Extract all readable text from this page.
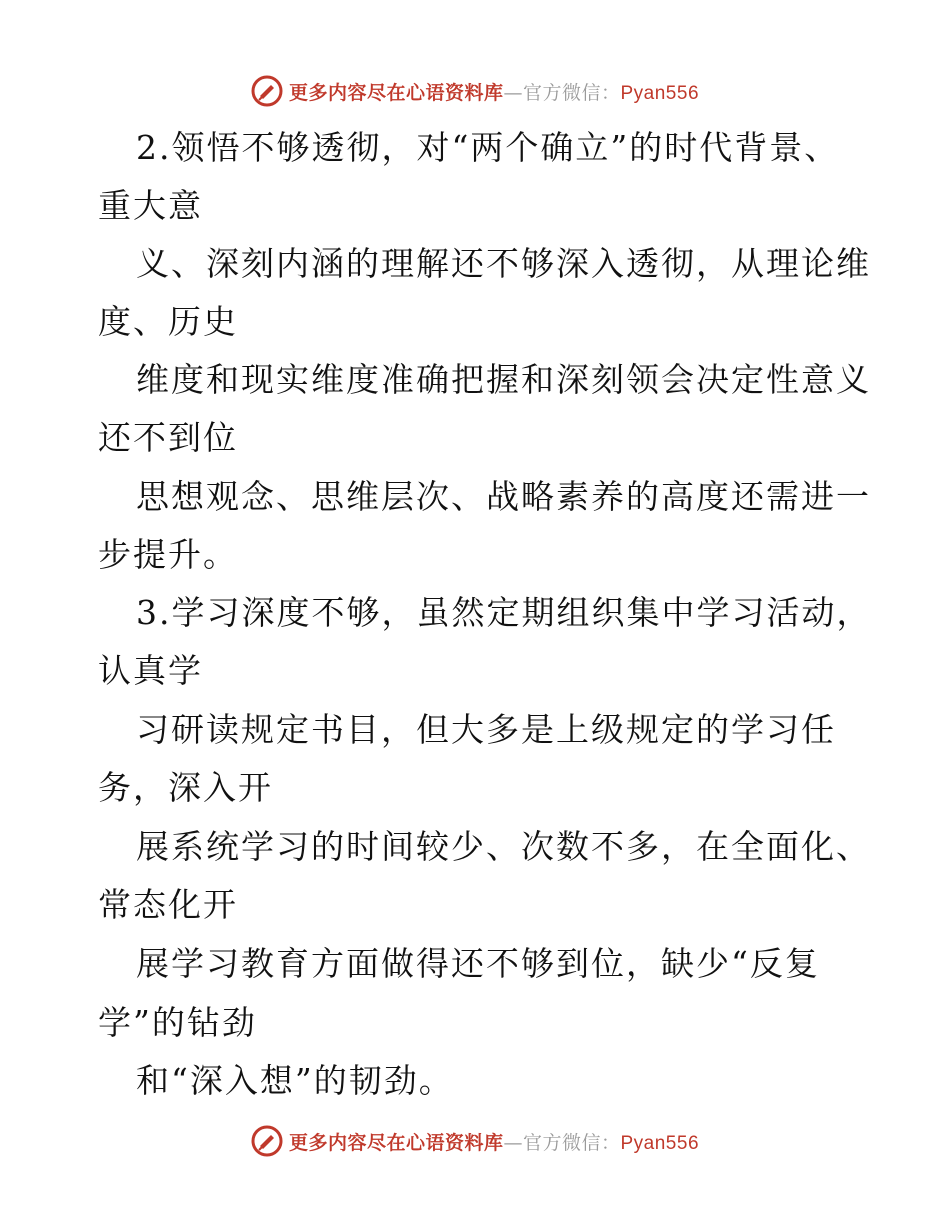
更多内容尽在心语资料库—官方微信：Pyan556
2.领悟不够透彻，对“两个确立”的时代背景、
重大意
义、深刻内涵的理解还不够深入透彻，从理论维
度、历史
维度和现实维度准确把握和深刻领会决定性意义
还不到位
思想观念、思维层次、战略素养的高度还需进一
步提升。
3.学习深度不够，虽然定期组织集中学习活动，
认真学
习研读规定书目，但大多是上级规定的学习任
务，深入开
展系统学习的时间较少、次数不多，在全面化、
常态化开
展学习教育方面做得还不够到位，缺少“反复
学”的钻劲
和“深入想”的韧劲。
更多内容尽在心语资料库—官方微信：Pyan556
